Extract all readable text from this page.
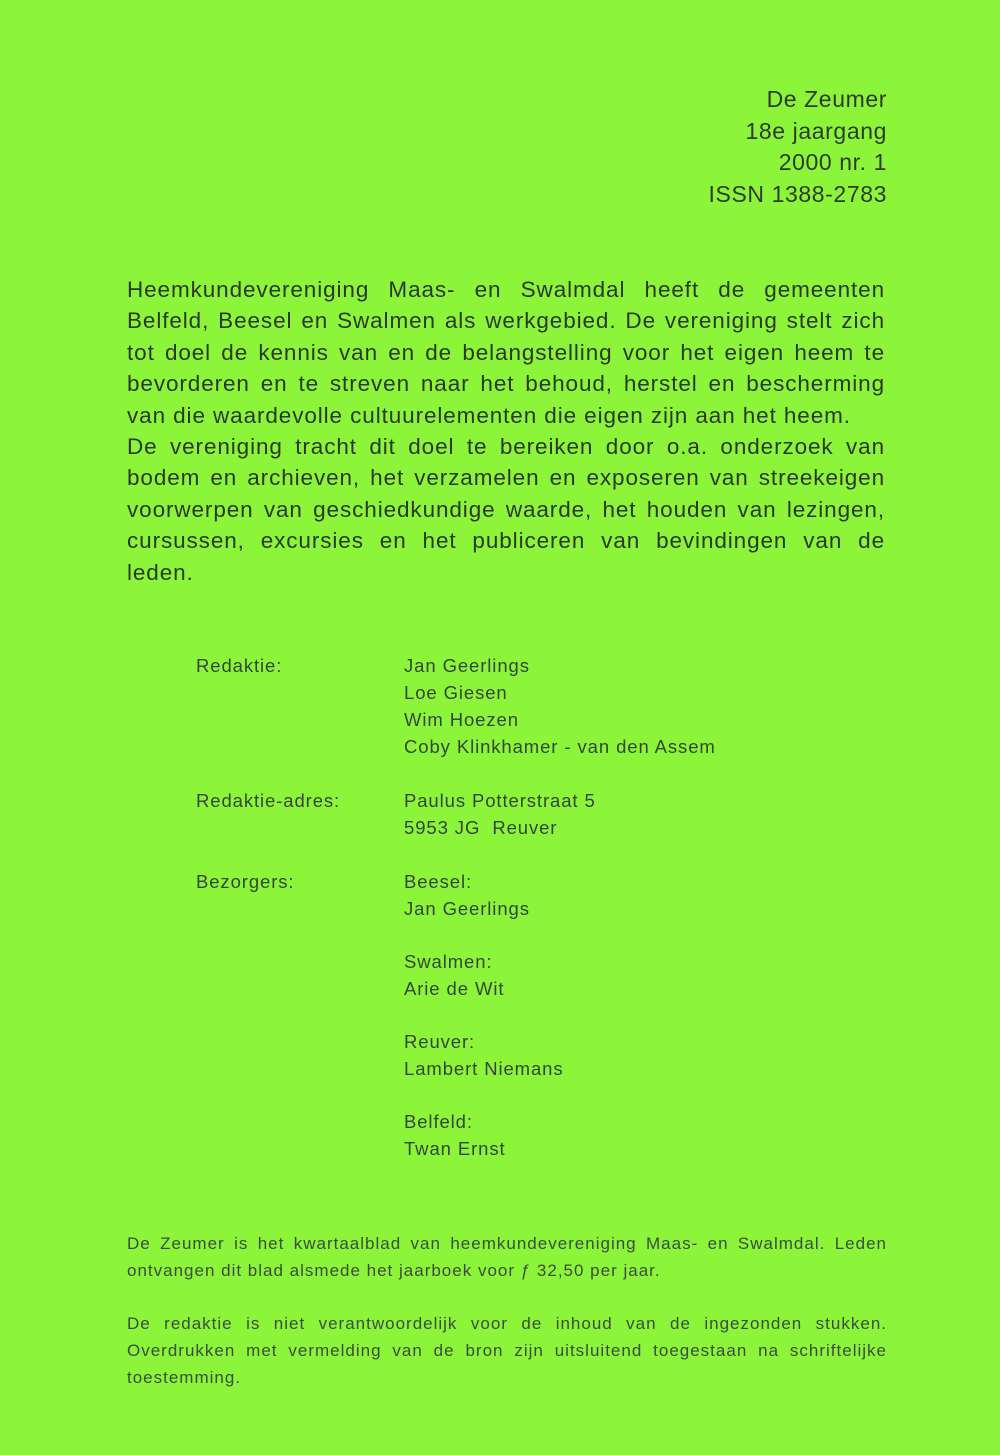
De Zeumer
18e jaargang
2000 nr. 1
ISSN 1388-2783

Heemkundevereniging Maas- en Swalmdal heeft de gemeenten Belfeld, Beesel en Swalmen als werkgebied. De vereniging stelt zich tot doel de kennis van en de belangstelling voor het eigen heem te bevorderen en te streven naar het behoud, herstel en bescherming van die waardevolle cultuurelementen die eigen zijn aan het heem.

De vereniging tracht dit doel te bereiken door o.a. onderzoek van bodem en archieven, het verzamelen en exposeren van streekeigen voorwerpen van geschiedkundige waarde, het houden van lezingen, cursussen, excursies en het publiceren van bevindingen van de leden.

Redaktie:	Jan Geerlings
Loe Giesen
Wim Hoezen
Coby Klinkhamer - van den Assem
Redaktie-adres:	Paulus Potterstraat 5
5953 JG  Reuver
Bezorgers:	Beesel:
Jan Geerlings
Swalmen:
Arie de Wit
Reuver:
Lambert Niemans
Belfeld:
Twan Ernst

De Zeumer is het kwartaalblad van heemkundevereniging Maas- en Swalmdal. Leden ontvangen dit blad alsmede het jaarboek voor ƒ 32,50 per jaar.

De redaktie is niet verantwoordelijk voor de inhoud van de ingezonden stukken. Overdrukken met vermelding van de bron zijn uitsluitend toegestaan na schriftelijke toestemming.
